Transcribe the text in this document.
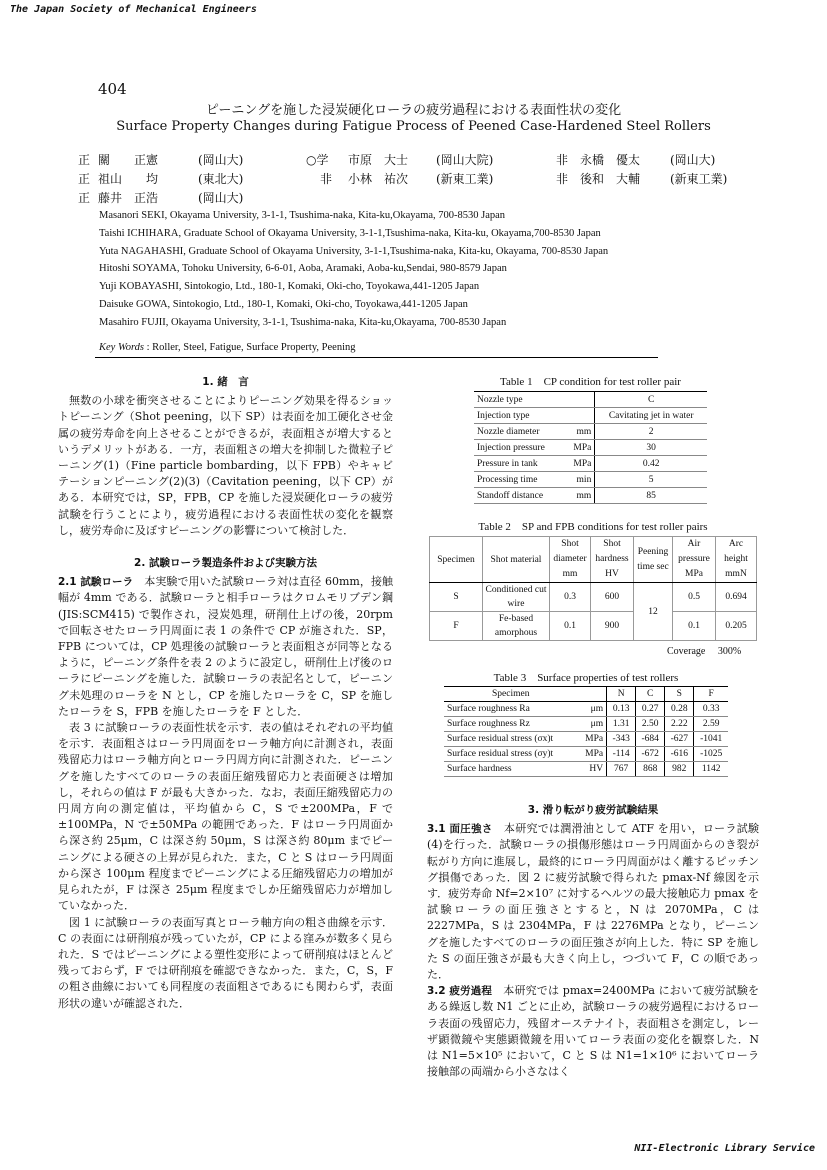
The Japan Society of Mechanical Engineers
404
ピーニングを施した浸炭硬化ローラの疲労過程における表面性状の変化
Surface Property Changes during Fatigue Process of Peened Case-Hardened Steel Rollers
正 關　　正憲	(岡山大)	○学 市原　大士 (岡山大院)	非 永橋　優太 (岡山大)
正 祖山　　均	(東北大)	非 小林　祐次 (新東工業)	非 後和　大輔 (新東工業)
正 藤井　正浩	(岡山大)
Masanori SEKI, Okayama University, 3-1-1, Tsushima-naka, Kita-ku,Okayama, 700-8530 Japan
Taishi ICHIHARA, Graduate School of Okayama University, 3-1-1,Tsushima-naka, Kita-ku, Okayama,700-8530 Japan
Yuta NAGAHASHI, Graduate School of Okayama University, 3-1-1,Tsushima-naka, Kita-ku, Okayama, 700-8530 Japan
Hitoshi SOYAMA, Tohoku University, 6-6-01, Aoba, Aramaki, Aoba-ku,Sendai, 980-8579 Japan
Yuji KOBAYASHI, Sintokogio, Ltd., 180-1, Komaki, Oki-cho, Toyokawa,441-1205 Japan
Daisuke GOWA, Sintokogio, Ltd., 180-1, Komaki, Oki-cho, Toyokawa,441-1205 Japan
Masahiro FUJII, Okayama University, 3-1-1, Tsushima-naka, Kita-ku,Okayama, 700-8530 Japan
Key Words : Roller, Steel, Fatigue, Surface Property, Peening
1. 緒　言

無数の小球を衝突させることによりピーニング効果を得るショットピーニング（Shot peening，以下 SP）は表面を加工硬化させ金属の疲労寿命を向上させることができるが，表面粗さが増大するというデメリットがある．一方，表面粗さの増大を抑制した微粒子ピーニング(1)（Fine particle bombarding，以下 FPB）やキャビテーションピーニング(2)(3)（Cavitation peening，以下 CP）がある．本研究では，SP，FPB，CP を施した浸炭硬化ローラの疲労試験を行うことにより，疲労過程における表面性状の変化を観察し，疲労寿命に及ぼすピーニングの影響について検討した．

2. 試験ローラ製造条件および実験方法

2.1 試験ローラ　 本実験で用いた試験ローラ対は直径 60mm，接触幅が 4mm である．試験ローラと相手ローラはクロムモリブデン鋼 (JIS:SCM415) で製作され，浸炭処理，研削仕上げの後，20rpm で回転させたローラ円周面に表 1 の条件で CP が施された．SP，FPB については，CP 処理後の試験ローラと表面粗さが同等となるように，ピーニング条件を表 2 のように設定し，研削仕上げ後のローラにピーニングを施した．試験ローラの表記名として，ピーニング未処理のローラを N とし，CP を施したローラを C，SP を施したローラを S，FPB を施したローラを F とした．

表 3 に試験ローラの表面性状を示す．表の値はそれぞれの平均値を示す．表面粗さはローラ円周面をローラ軸方向に計測され，表面残留応力はローラ軸方向とローラ円周方向に計測された．ピーニングを施したすべてのローラの表面圧縮残留応力と表面硬さは増加し，それらの値は F が最も大きかった．なお，表面圧縮残留応力の円周方向の測定値は，平均値から C，S で±200MPa，F で±100MPa，N で±50MPa の範囲であった．F はローラ円周面から深さ約 25μm，C は深さ約 50μm，S は深さ約 80μm までピーニングによる硬さの上昇が見られた．また，C と S はローラ円周面から深さ 100μm 程度までピーニングによる圧縮残留応力の増加が見られたが，F は深さ 25μm 程度までしか圧縮残留応力が増加していなかった．

図 1 に試験ローラの表面写真とローラ軸方向の粗さ曲線を示す．C の表面には研削痕が残っていたが，CP による窪みが数多く見られた．S ではピーニングによる塑性変形によって研削痕はほとんど残っておらず，F では研削痕を確認できなかった．また，C，S，F の粗さ曲線においても同程度の表面粗さであるにも関わらず，表面形状の違いが確認された．

Table 1　CP condition for test roller pair
Nozzle type		C
Injection type		Cavitating jet in water
Nozzle diameter	mm	2
Injection pressure	MPa	30
Pressure in tank	MPa	0.42
Processing time	min	5
Standoff distance	mm	85
Table 2　SP and FPB conditions for test roller pairs
Specimen	Shot material	Shot diameter mm	Shot hardness HV	Peening time sec	Air pressure MPa	Arc height mmN
S	Conditioned cut wire	0.3	600	12	0.5	0.694
F	Fe-based amorphous	0.1	900		0.1	0.205
Coverage　 300%
Table 3　Surface properties of test rollers
Specimen		N	C	S	F
Surface roughness Ra	μm	0.13	0.27	0.28	0.33
Surface roughness Rz	μm	1.31	2.50	2.22	2.59
Surface residual stress (σx)t	MPa	-343	-684	-627	-1041
Surface residual stress (σy)t	MPa	-114	-672	-616	-1025
Surface hardness	HV	767	868	982	1142
3. 滑り転がり疲労試験結果

3.1 面圧強さ　 本研究では潤滑油として ATF を用い，ローラ試験(4)を行った．試験ローラの損傷形態はローラ円周面からのき裂が転がり方向に進展し，最終的にローラ円周面がはく離するピッチング損傷であった．図 2 に疲労試験で得られた pmax-Nf 線図を示す．疲労寿命 Nf=2×10⁷ に対するヘルツの最大接触応力 pmax を試験ローラの面圧強さとすると，N は 2070MPa，C は 2227MPa，S は 2304MPa，F は 2276MPa となり，ピーニングを施したすべてのローラの面圧強さが向上した．特に SP を施した S の面圧強さが最も大きく向上し，つづいて F，C の順であった．

3.2 疲労過程　 本研究では pmax=2400MPa において疲労試験をある繰返し数 N1 ごとに止め，試験ローラの疲労過程におけるローラ表面の残留応力，残留オーステナイト，表面粗さを測定し，レーザ顕微鏡や実態顕微鏡を用いてローラ表面の変化を観察した．N は N1=5×10⁵ において，C と S は N1=1×10⁶ においてローラ接触部の両端から小さなはく

NII-Electronic Library Service
